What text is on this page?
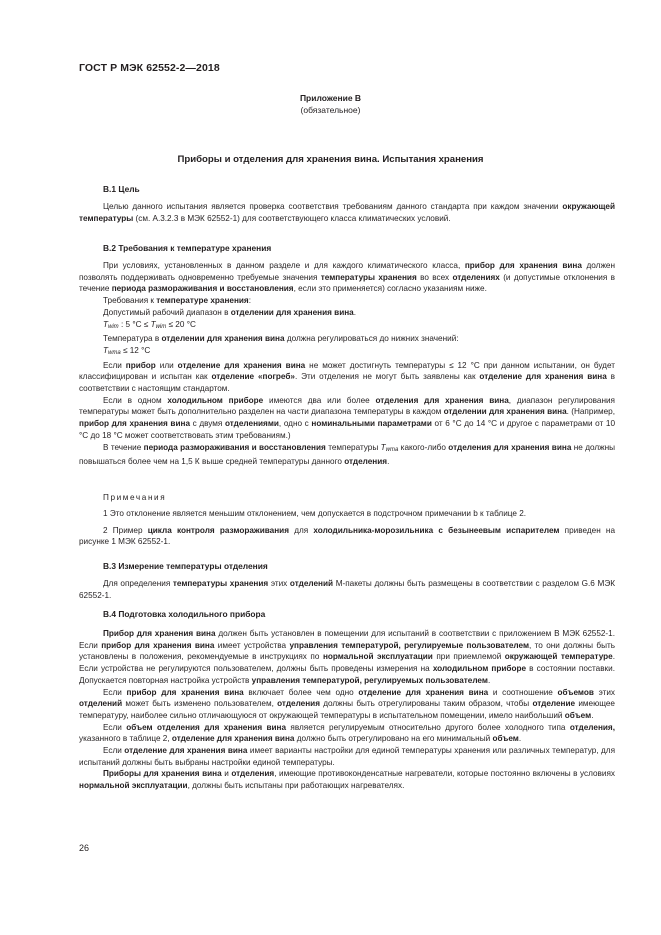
ГОСТ Р МЭК 62552-2—2018
Приложение В
(обязательное)
Приборы и отделения для хранения вина. Испытания хранения
В.1 Цель

Целью данного испытания является проверка соответствия требованиям данного стандарта при каждом значении окружающей температуры (см. А.3.2.3 в МЭК 62552-1) для соответствующего класса климатических условий.

В.2 Требования к температуре хранения

При условиях, установленных в данном разделе и для каждого климатического класса, прибор для хранения вина должен позволять поддерживать одновременно требуемые значения температуры хранения во всех отделениях (и допустимые отклонения в течение периода размораживания и восстановления, если это применяется) согласно указаниям ниже.

Требования к температуре хранения:

Допустимый рабочий диапазон в отделении для хранения вина.

$T_{wim}$ : 5 $^\circ C \le T_{wim} \le 20$ °C

Температура в отделении для хранения вина должна регулироваться до нижних значений:

$T_{wma} \le 12$ °C

Если прибор или отделение для хранения вина не может достигнуть температуры ≤ 12 °C при данном испытании, он будет классифицирован и испытан как отделение «погреб». Эти отделения не могут быть заявлены как отделение для хранения вина в соответствии с настоящим стандартом.

Если в одном холодильном приборе имеются два или более отделения для хранения вина, диапазон регулирования температуры может быть дополнительно разделен на части диапазона температуры в каждом отделении для хранения вина. (Например, прибор для хранения вина с двумя отделениями, одно с номинальными параметрами от 6 °C до 14 °C и другое с параметрами от 10 °C до 18 °C может соответствовать этим требованиям.)

В течение периода размораживания и восстановления температуры $T_{wma}$ какого-либо отделения для хранения вина не должны повышаться более чем на 1,5 К выше средней температуры данного отделения.

Примечания

1 Это отклонение является меньшим отклонением, чем допускается в подстрочном примечании b к таблице 2.

2 Пример цикла контроля размораживания для холодильника-морозильника с безынеевым испарителем приведен на рисунке 1 МЭК 62552-1.

В.3 Измерение температуры отделения

Для определения температуры хранения этих отделений М-пакеты должны быть размещены в соответствии с разделом G.6 МЭК 62552-1.

В.4 Подготовка холодильного прибора

Прибор для хранения вина должен быть установлен в помещении для испытаний в соответствии с приложением В МЭК 62552-1. Если прибор для хранения вина имеет устройства управления температурой, регулируемые пользователем, то они должны быть установлены в положения, рекомендуемые в инструкциях по нормальной эксплуатации при приемлемой окружающей температуре. Если устройства не регулируются пользователем, должны быть проведены измерения на холодильном приборе в состоянии поставки. Допускается повторная настройка устройств управления температурой, регулируемых пользователем.

Если прибор для хранения вина включает более чем одно отделение для хранения вина и соотношение объемов этих отделений может быть изменено пользователем, отделения должны быть отрегулированы таким образом, чтобы отделение имеющее температуру, наиболее сильно отличающуюся от окружающей температуры в испытательном помещении, имело наибольший объем.

Если объем отделения для хранения вина является регулируемым относительно другого более холодного типа отделения, указанного в таблице 2, отделение для хранения вина должно быть отрегулировано на его минимальный объем.

Если отделение для хранения вина имеет варианты настройки для единой температуры хранения или различных температур, для испытаний должны быть выбраны настройки единой температуры.

Приборы для хранения вина и отделения, имеющие противоконденсатные нагреватели, которые постоянно включены в условиях нормальной эксплуатации, должны быть испытаны при работающих нагревателях.

26
